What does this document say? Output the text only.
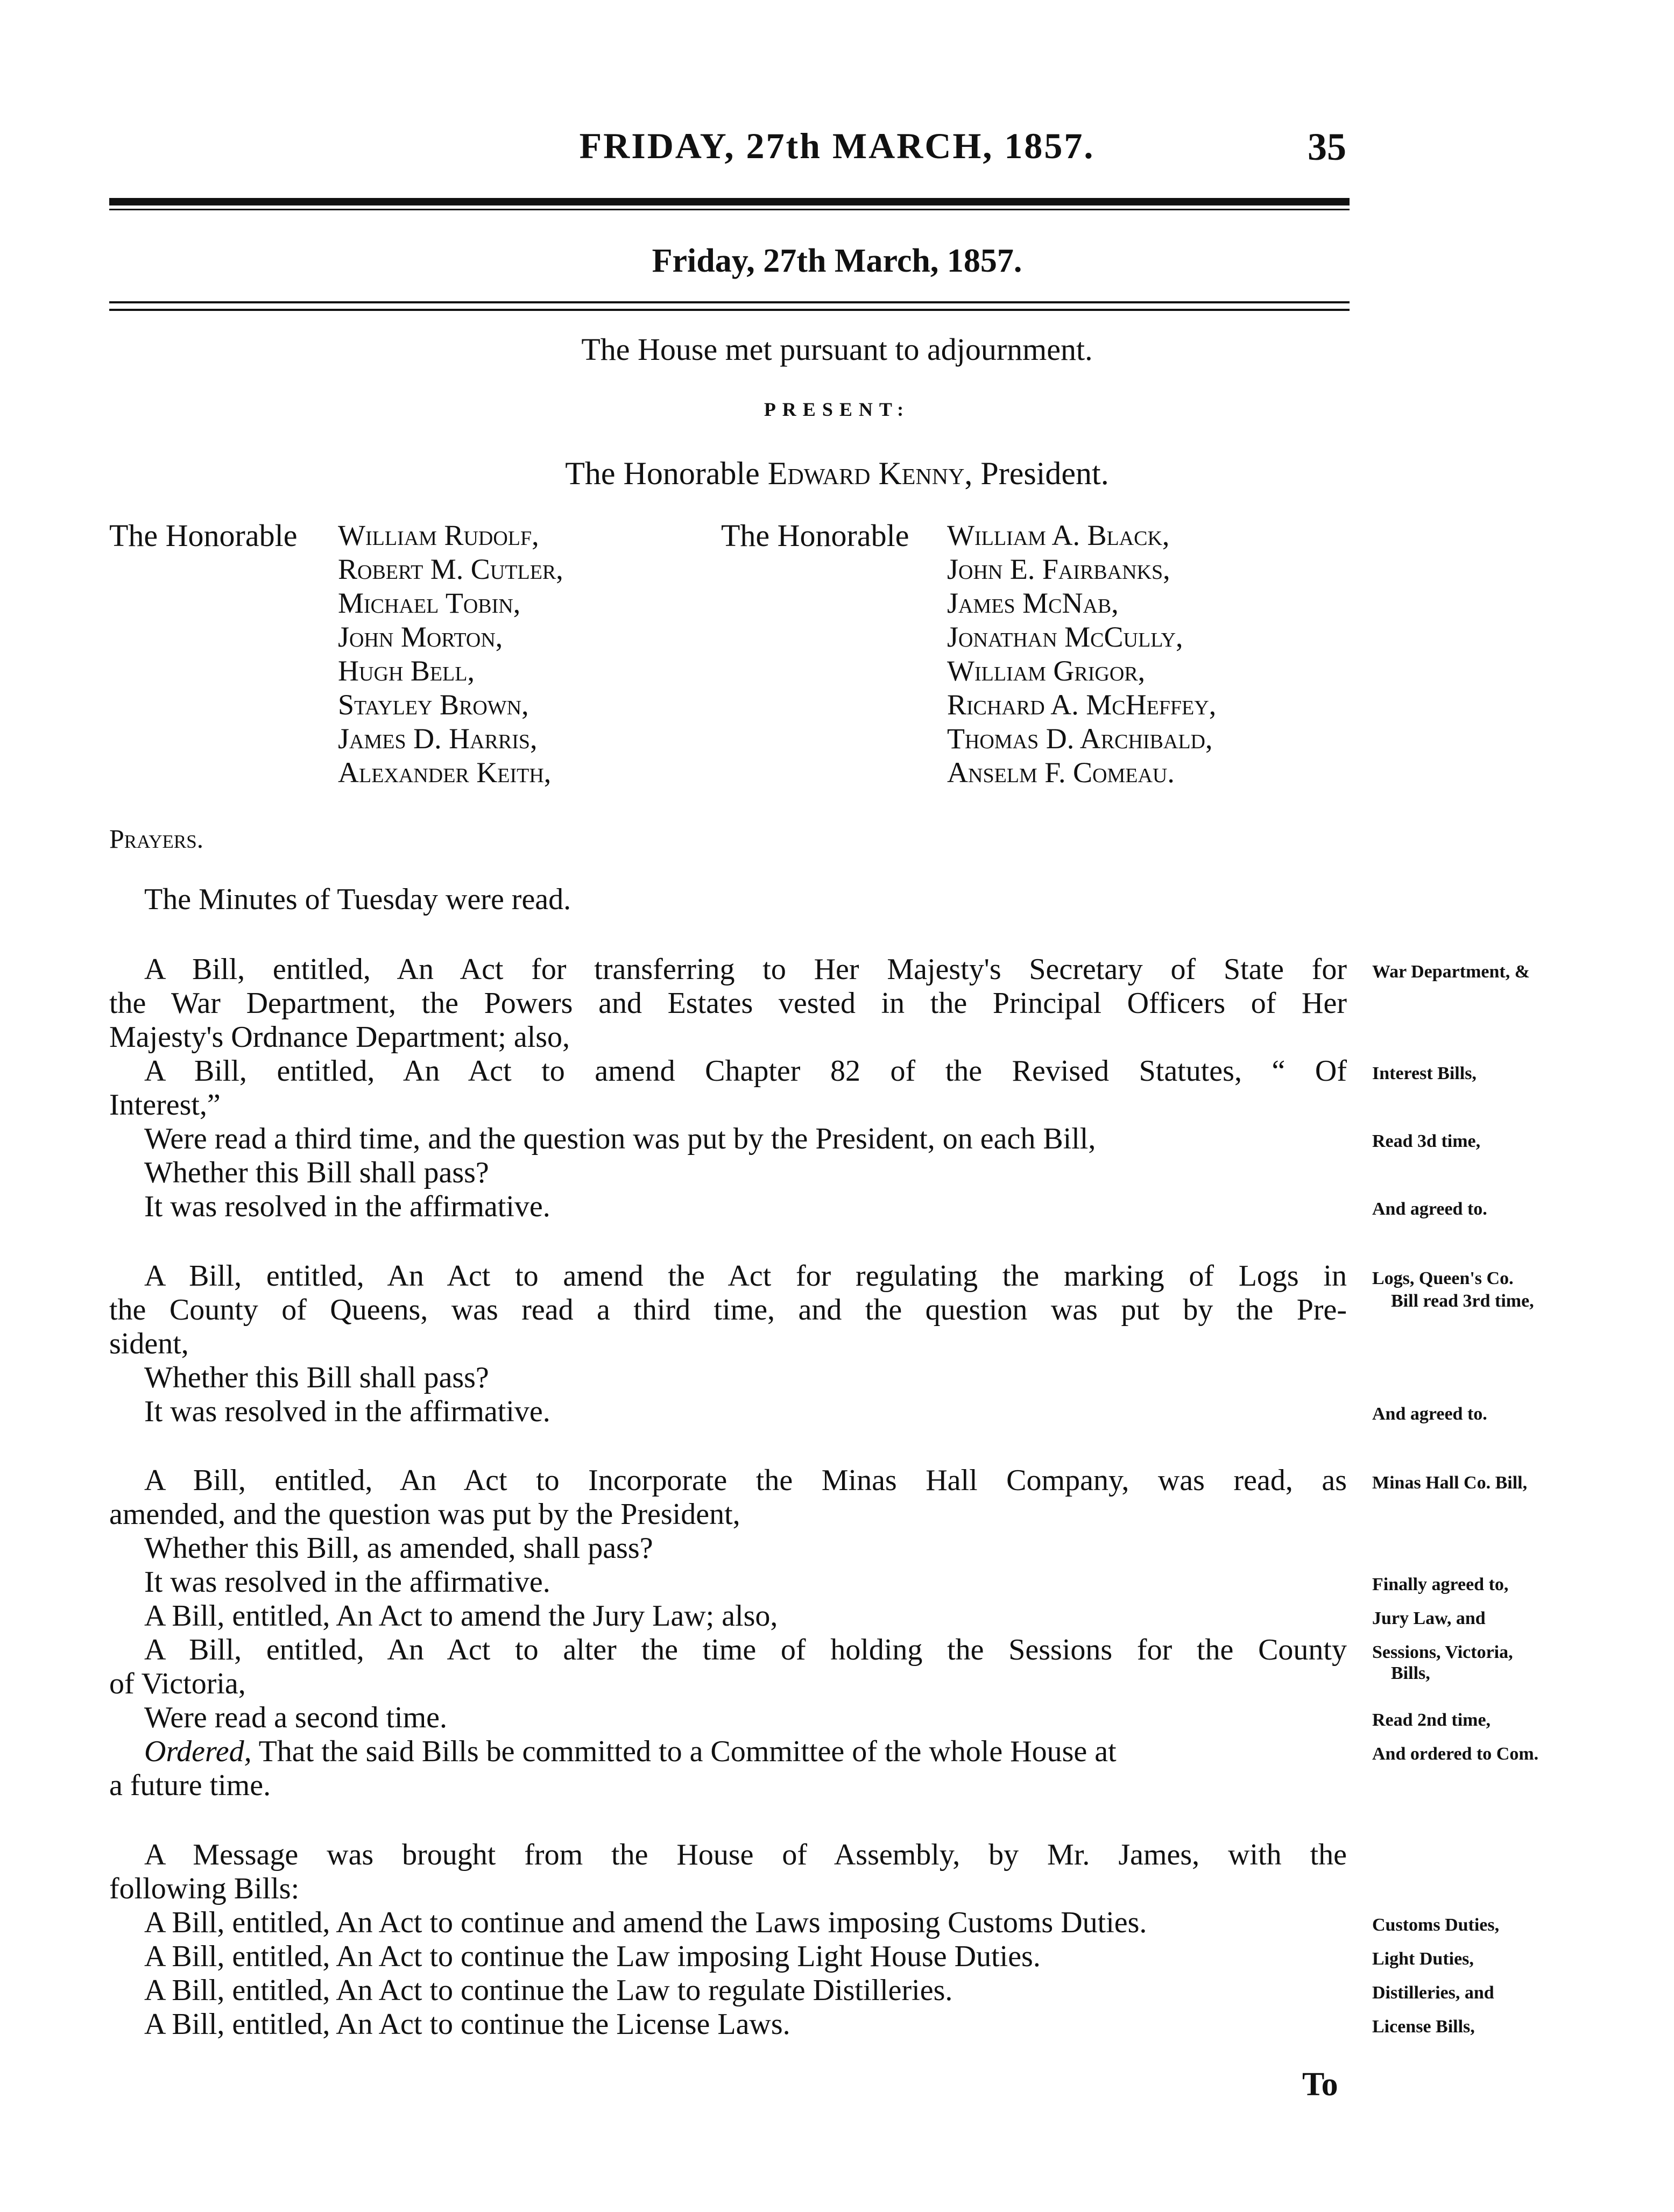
FRIDAY, 27th MARCH, 1857.	35
Friday, 27th March, 1857.
The House met pursuant to adjournment.
PRESENT:
The Honorable Edward Kenny, President.
The Honorable William Rudolf,
Robert M. Cutler,
Michael Tobin,
John Morton,
Hugh Bell,
Stayley Brown,
James D. Harris,
Alexander Keith,
The Honorable William A. Black,
John E. Fairbanks,
James McNab,
Jonathan McCully,
William Grigor,
Richard A. McHeffey,
Thomas D. Archibald,
Anselm F. Comeau.
Prayers.
The Minutes of Tuesday were read.
A Bill, entitled, An Act for transferring to Her Majesty's Secretary of State for
the War Department, the Powers and Estates vested in the Principal Officers of Her
Majesty's Ordnance Department; also,
A Bill, entitled, An Act to amend Chapter 82 of the Revised Statutes, “ Of
Interest,”
Were read a third time, and the question was put by the President, on each Bill,
Whether this Bill shall pass?
It was resolved in the affirmative.
War Department, &
Interest Bills,
Read 3d time,
And agreed to.
A Bill, entitled, An Act to amend the Act for regulating the marking of Logs in
the County of Queens, was read a third time, and the question was put by the Pre-
sident,
Whether this Bill shall pass?
It was resolved in the affirmative.
Logs, Queen's Co.
Bill read 3rd time,
And agreed to.
A Bill, entitled, An Act to Incorporate the Minas Hall Company, was read, as
amended, and the question was put by the President,
Whether this Bill, as amended, shall pass?
It was resolved in the affirmative.
A Bill, entitled, An Act to amend the Jury Law; also,
A Bill, entitled, An Act to alter the time of holding the Sessions for the County
of Victoria,
Were read a second time.
Ordered, That the said Bills be committed to a Committee of the whole House at
a future time.
Minas Hall Co. Bill,
Finally agreed to,
Jury Law, and
Sessions, Victoria,
Bills,
Read 2nd time,
And ordered to Com.
A Message was brought from the House of Assembly, by Mr. James, with the
following Bills:
A Bill, entitled, An Act to continue and amend the Laws imposing Customs Duties.
A Bill, entitled, An Act to continue the Law imposing Light House Duties.
A Bill, entitled, An Act to continue the Law to regulate Distilleries.
A Bill, entitled, An Act to continue the License Laws.
Customs Duties,
Light Duties,
Distilleries, and
License Bills,
To
